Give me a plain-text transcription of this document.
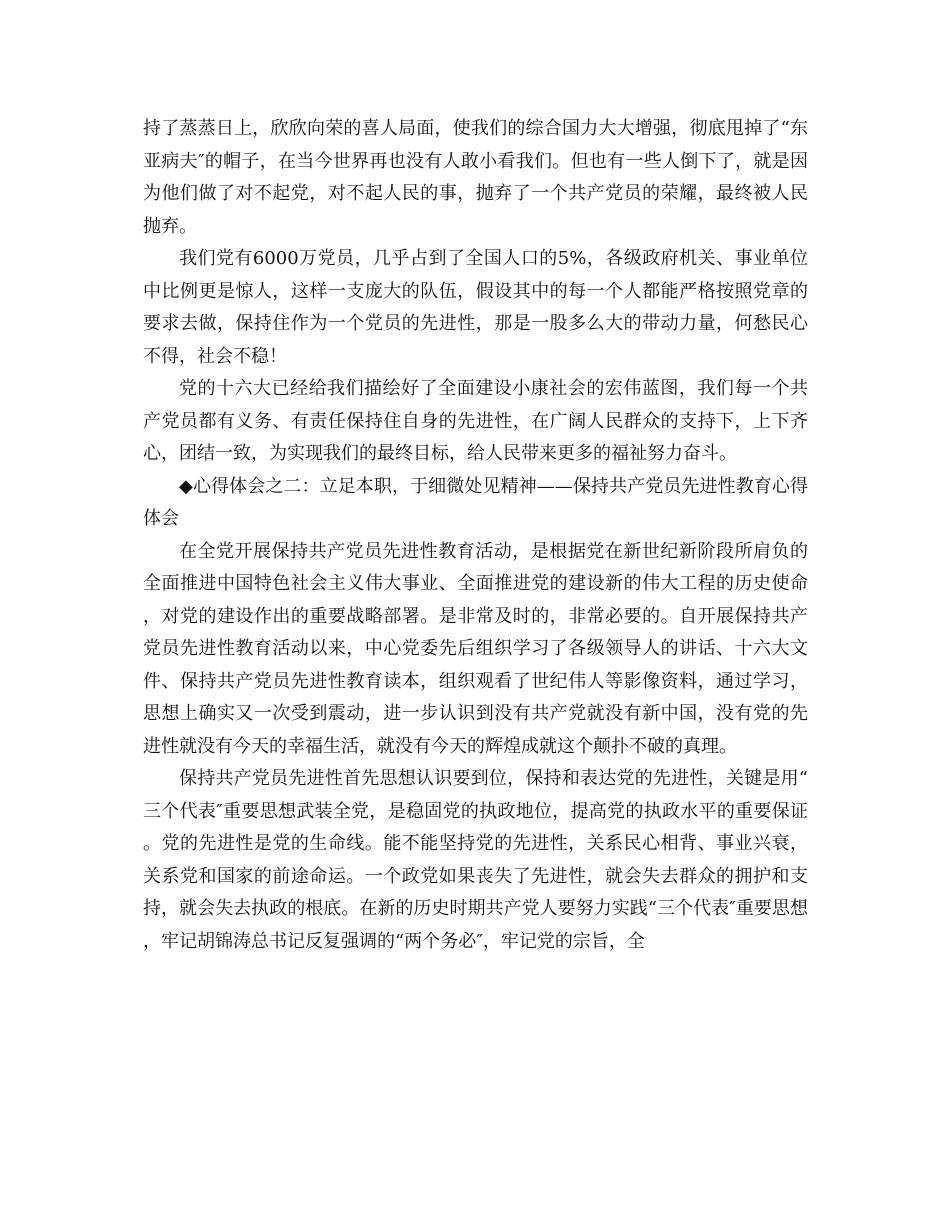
持了蒸蒸日上，欣欣向荣的喜人局面，使我们的综合国力大大增强，彻底甩掉了“东亚病夫″的帽子，在当今世界再也没有人敢小看我们。但也有一些人倒下了，就是因为他们做了对不起党，对不起人民的事，抛弃了一个共产党员的荣耀，最终被人民抛弃。

我们党有6000万党员，几乎占到了全国人口的5%，各级政府机关、事业单位中比例更是惊人，这样一支庞大的队伍，假设其中的每一个人都能严格按照党章的要求去做，保持住作为一个党员的先进性，那是一股多么大的带动力量，何愁民心不得，社会不稳！

党的十六大已经给我们描绘好了全面建设小康社会的宏伟蓝图，我们每一个共产党员都有义务、有责任保持住自身的先进性，在广阔人民群众的支持下，上下齐心，团结一致，为实现我们的最终目标，给人民带来更多的福祉努力奋斗。

◆心得体会之二：立足本职，于细微处见精神——保持共产党员先进性教育心得体会

在全党开展保持共产党员先进性教育活动，是根据党在新世纪新阶段所肩负的全面推进中国特色社会主义伟大事业、全面推进党的建设新的伟大工程的历史使命，对党的建设作出的重要战略部署。是非常及时的，非常必要的。自开展保持共产党员先进性教育活动以来，中心党委先后组织学习了各级领导人的讲话、十六大文件、保持共产党员先进性教育读本，组织观看了世纪伟人等影像资料，通过学习，思想上确实又一次受到震动，进一步认识到没有共产党就没有新中国，没有党的先进性就没有今天的幸福生活，就没有今天的辉煌成就这个颠扑不破的真理。

保持共产党员先进性首先思想认识要到位，保持和表达党的先进性，关键是用“三个代表″重要思想武装全党，是稳固党的执政地位，提高党的执政水平的重要保证。党的先进性是党的生命线。能不能坚持党的先进性，关系民心相背、事业兴衰，关系党和国家的前途命运。一个政党如果丧失了先进性，就会失去群众的拥护和支持，就会失去执政的根底。在新的历史时期共产党人要努力实践“三个代表″重要思想，牢记胡锦涛总书记反复强调的“两个务必″，牢记党的宗旨，全
